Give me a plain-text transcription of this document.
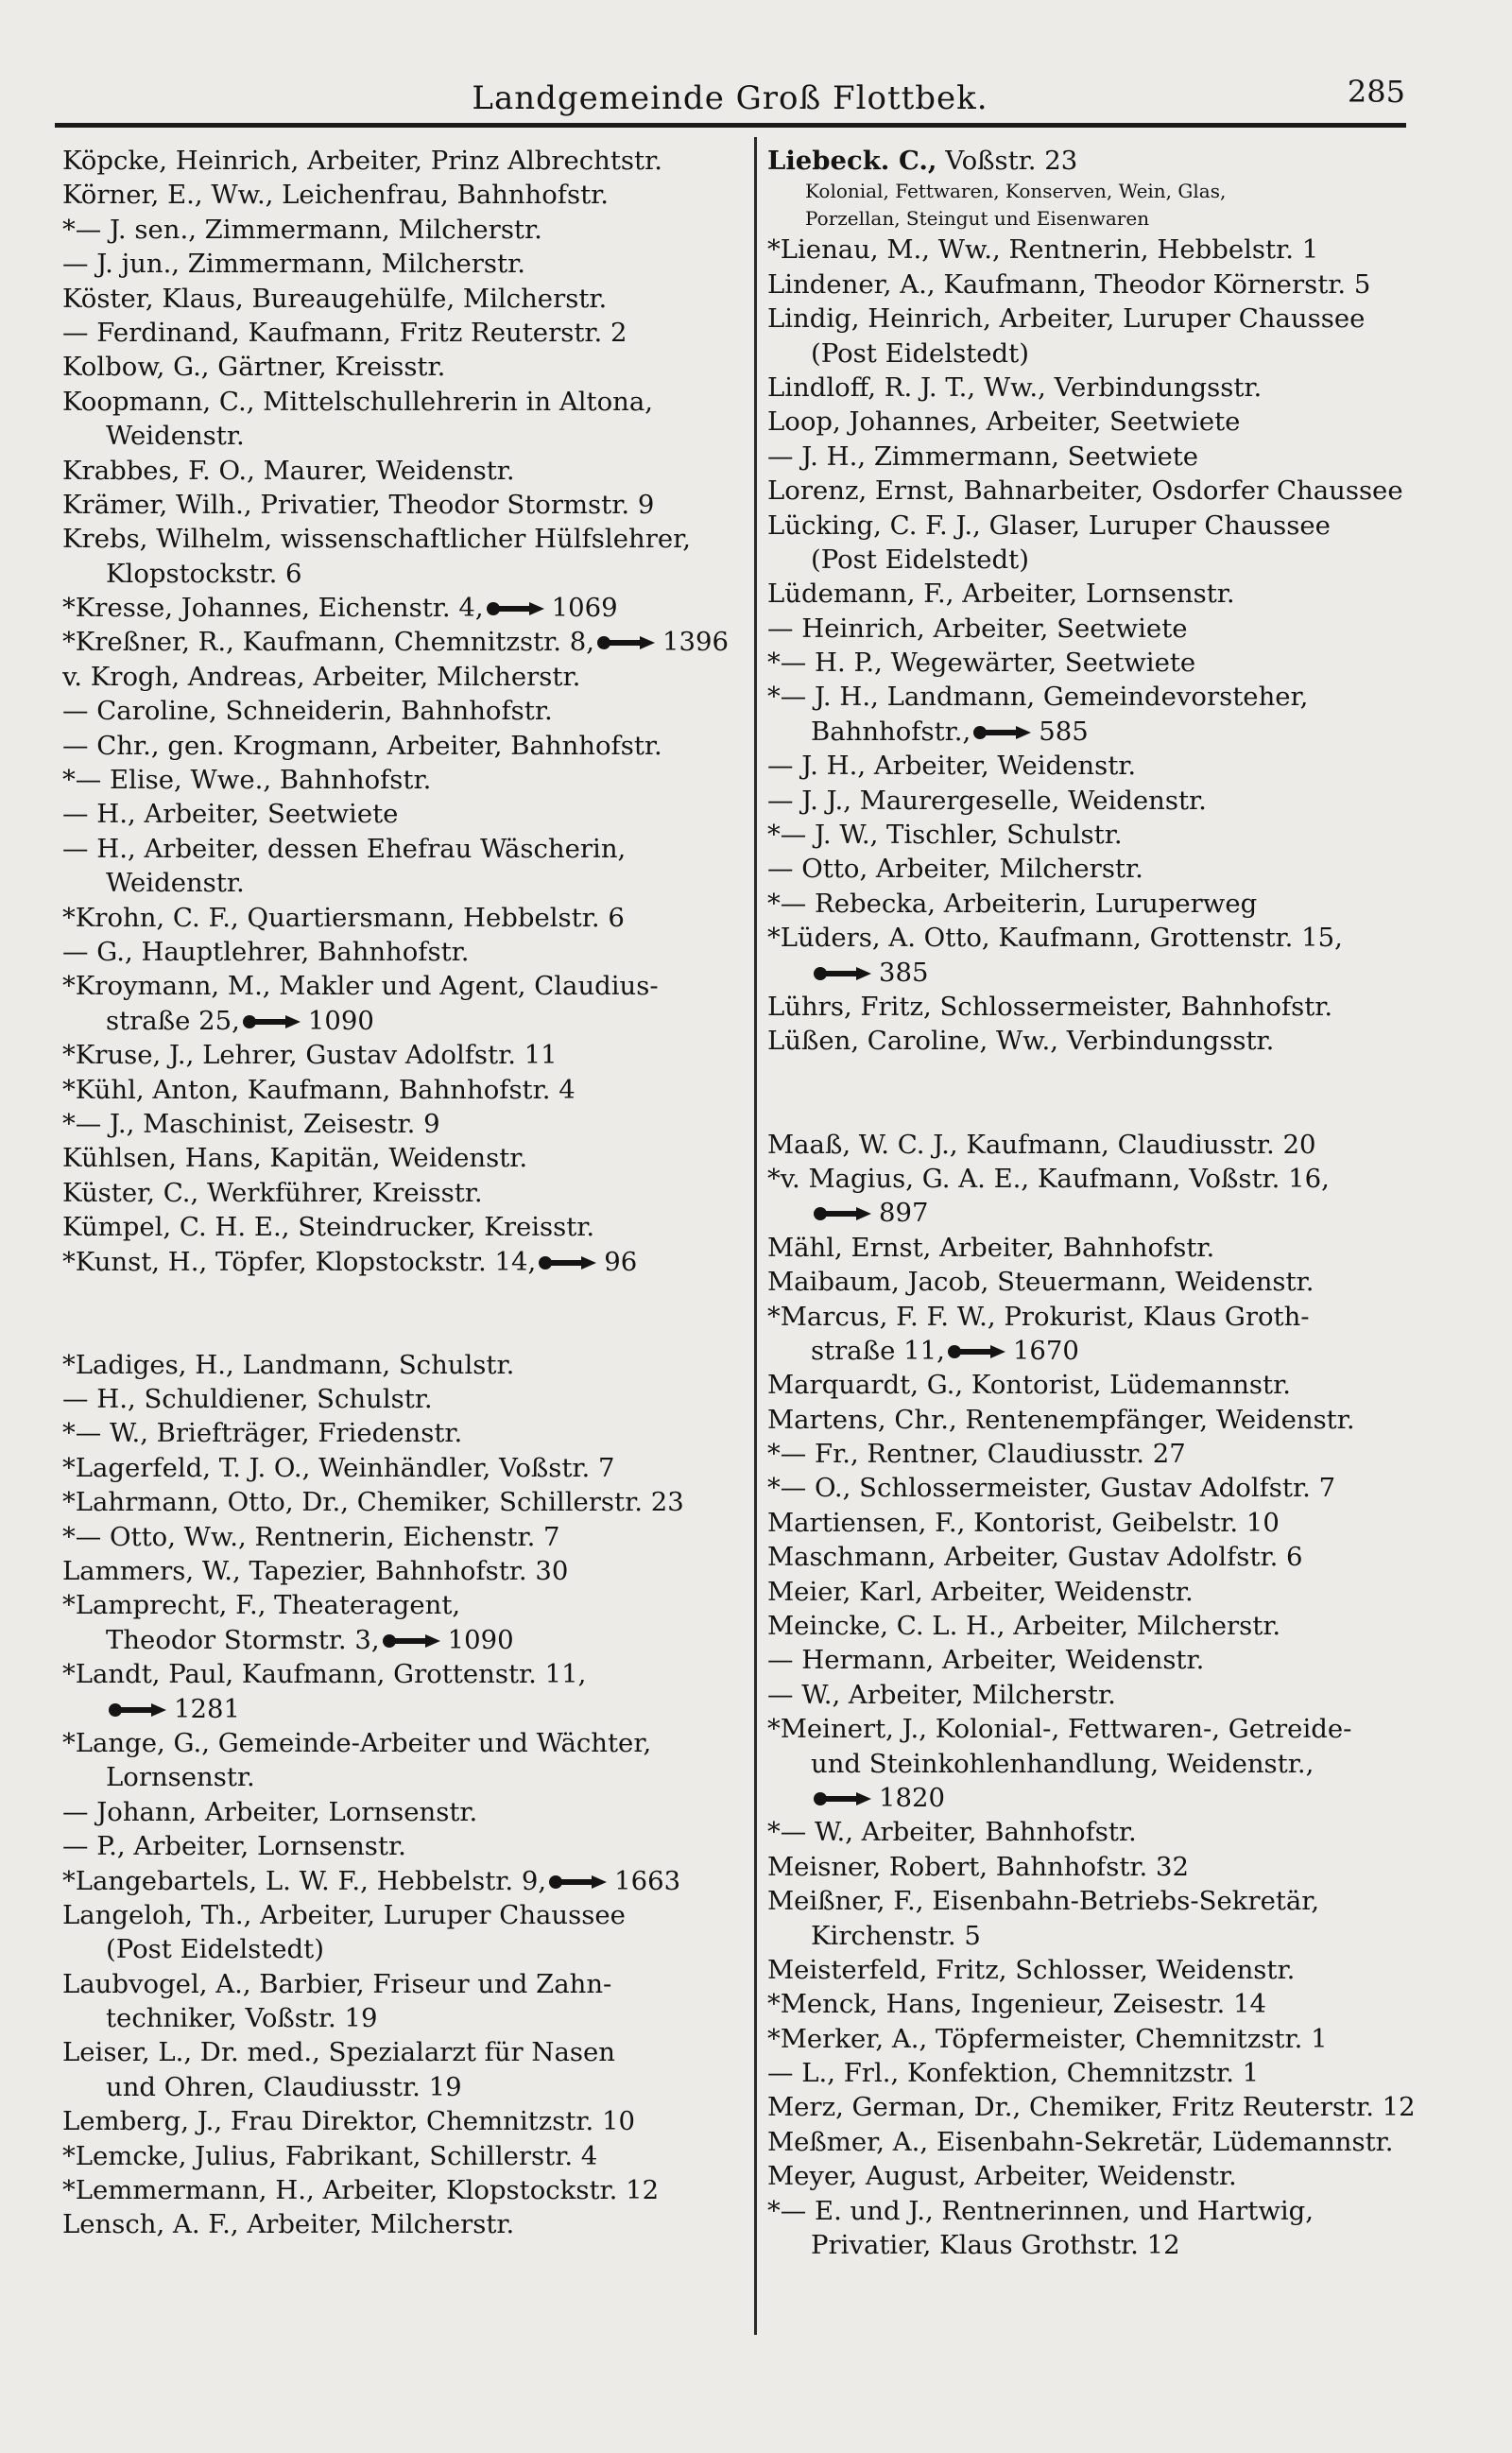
Landgemeinde Groß Flottbek.	285
Köpcke, Heinrich, Arbeiter, Prinz Albrechtstr.
Körner, E., Ww., Leichenfrau, Bahnhofstr.
*— J. sen., Zimmermann, Milcherstr.
— J. jun., Zimmermann, Milcherstr.
Köster, Klaus, Bureaugehülfe, Milcherstr.
— Ferdinand, Kaufmann, Fritz Reuterstr. 2
Kolbow, G., Gärtner, Kreisstr.
Koopmann, C., Mittelschullehrerin in Altona,
Weidenstr.
Krabbes, F. O., Maurer, Weidenstr.
Krämer, Wilh., Privatier, Theodor Stormstr. 9
Krebs, Wilhelm, wissenschaftlicher Hülfslehrer,
Klopstockstr. 6
*Kresse, Johannes, Eichenstr. 4,	1069
*Kreßner, R., Kaufmann, Chemnitzstr. 8,	1396
v. Krogh, Andreas, Arbeiter, Milcherstr.
— Caroline, Schneiderin, Bahnhofstr.
— Chr., gen. Krogmann, Arbeiter, Bahnhofstr.
*— Elise, Wwe., Bahnhofstr.
— H., Arbeiter, Seetwiete
— H., Arbeiter, dessen Ehefrau Wäscherin,
Weidenstr.
*Krohn, C. F., Quartiersmann, Hebbelstr. 6
— G., Hauptlehrer, Bahnhofstr.
*Kroymann, M., Makler und Agent, Claudius-
straße 25,	1090
*Kruse, J., Lehrer, Gustav Adolfstr. 11
*Kühl, Anton, Kaufmann, Bahnhofstr. 4
*— J., Maschinist, Zeisestr. 9
Kühlsen, Hans, Kapitän, Weidenstr.
Küster, C., Werkführer, Kreisstr.
Kümpel, C. H. E., Steindrucker, Kreisstr.
*Kunst, H., Töpfer, Klopstockstr. 14,	96
*Ladiges, H., Landmann, Schulstr.
— H., Schuldiener, Schulstr.
*— W., Briefträger, Friedenstr.
*Lagerfeld, T. J. O., Weinhändler, Voßstr. 7
*Lahrmann, Otto, Dr., Chemiker, Schillerstr. 23
*— Otto, Ww., Rentnerin, Eichenstr. 7
Lammers, W., Tapezier, Bahnhofstr. 30
*Lamprecht, F., Theateragent,
Theodor Stormstr. 3,	1090
*Landt, Paul, Kaufmann, Grottenstr. 11,
1281
*Lange, G., Gemeinde-Arbeiter und Wächter,
Lornsenstr.
— Johann, Arbeiter, Lornsenstr.
— P., Arbeiter, Lornsenstr.
*Langebartels, L. W. F., Hebbelstr. 9,	1663
Langeloh, Th., Arbeiter, Luruper Chaussee
(Post Eidelstedt)
Laubvogel, A., Barbier, Friseur und Zahn-
techniker, Voßstr. 19
Leiser, L., Dr. med., Spezialarzt für Nasen
und Ohren, Claudiusstr. 19
Lemberg, J., Frau Direktor, Chemnitzstr. 10
*Lemcke, Julius, Fabrikant, Schillerstr. 4
*Lemmermann, H., Arbeiter, Klopstockstr. 12
Lensch, A. F., Arbeiter, Milcherstr.
Liebeck. C., Voßstr. 23
Kolonial, Fettwaren, Konserven, Wein, Glas,
Porzellan, Steingut und Eisenwaren
*Lienau, M., Ww., Rentnerin, Hebbelstr. 1
Lindener, A., Kaufmann, Theodor Körnerstr. 5
Lindig, Heinrich, Arbeiter, Luruper Chaussee
(Post Eidelstedt)
Lindloff, R. J. T., Ww., Verbindungsstr.
Loop, Johannes, Arbeiter, Seetwiete
— J. H., Zimmermann, Seetwiete
Lorenz, Ernst, Bahnarbeiter, Osdorfer Chaussee
Lücking, C. F. J., Glaser, Luruper Chaussee
(Post Eidelstedt)
Lüdemann, F., Arbeiter, Lornsenstr.
— Heinrich, Arbeiter, Seetwiete
*— H. P., Wegewärter, Seetwiete
*— J. H., Landmann, Gemeindevorsteher,
Bahnhofstr.,	585
— J. H., Arbeiter, Weidenstr.
— J. J., Maurergeselle, Weidenstr.
*— J. W., Tischler, Schulstr.
— Otto, Arbeiter, Milcherstr.
*— Rebecka, Arbeiterin, Luruperweg
*Lüders, A. Otto, Kaufmann, Grottenstr. 15,
385
Lührs, Fritz, Schlossermeister, Bahnhofstr.
Lüßen, Caroline, Ww., Verbindungsstr.
Maaß, W. C. J., Kaufmann, Claudiusstr. 20
*v. Magius, G. A. E., Kaufmann, Voßstr. 16,
897
Mähl, Ernst, Arbeiter, Bahnhofstr.
Maibaum, Jacob, Steuermann, Weidenstr.
*Marcus, F. F. W., Prokurist, Klaus Groth-
straße 11,	1670
Marquardt, G., Kontorist, Lüdemannstr.
Martens, Chr., Rentenempfänger, Weidenstr.
*— Fr., Rentner, Claudiusstr. 27
*— O., Schlossermeister, Gustav Adolfstr. 7
Martiensen, F., Kontorist, Geibelstr. 10
Maschmann, Arbeiter, Gustav Adolfstr. 6
Meier, Karl, Arbeiter, Weidenstr.
Meincke, C. L. H., Arbeiter, Milcherstr.
— Hermann, Arbeiter, Weidenstr.
— W., Arbeiter, Milcherstr.
*Meinert, J., Kolonial-, Fettwaren-, Getreide-
und Steinkohlenhandlung, Weidenstr.,
1820
*— W., Arbeiter, Bahnhofstr.
Meisner, Robert, Bahnhofstr. 32
Meißner, F., Eisenbahn-Betriebs-Sekretär,
Kirchenstr. 5
Meisterfeld, Fritz, Schlosser, Weidenstr.
*Menck, Hans, Ingenieur, Zeisestr. 14
*Merker, A., Töpfermeister, Chemnitzstr. 1
— L., Frl., Konfektion, Chemnitzstr. 1
Merz, German, Dr., Chemiker, Fritz Reuterstr. 12
Meßmer, A., Eisenbahn-Sekretär, Lüdemannstr.
Meyer, August, Arbeiter, Weidenstr.
*— E. und J., Rentnerinnen, und Hartwig,
Privatier, Klaus Grothstr. 12
